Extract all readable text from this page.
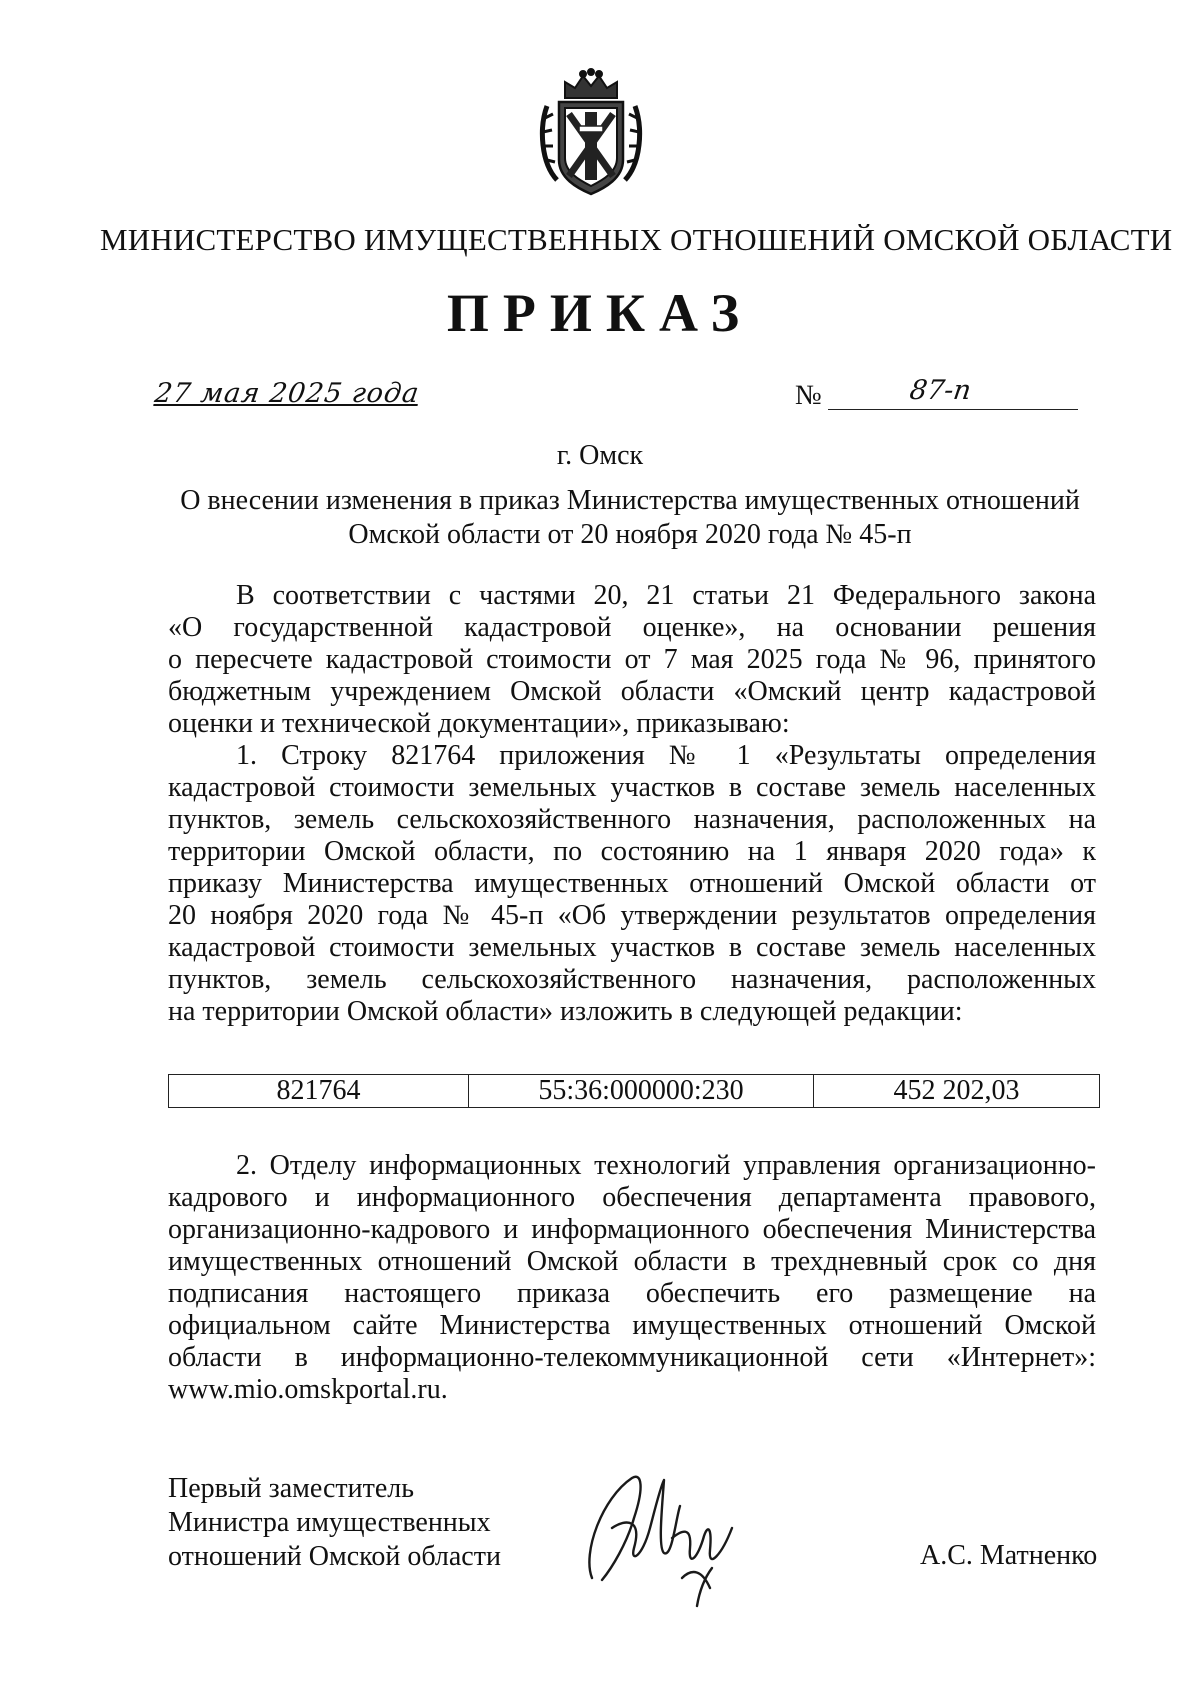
МИНИСТЕРСТВО ИМУЩЕСТВЕННЫХ ОТНОШЕНИЙ ОМСКОЙ ОБЛАСТИ
ПРИКАЗ
27 мая 2025 года	№	87-п
г. Омск
О внесении изменения в приказ Министерства имущественных отношений
Омской области от 20 ноября 2020 года № 45-п
В соответствии с частями 20, 21 статьи 21 Федерального закона
«О государственной кадастровой оценке», на основании решения
о пересчете кадастровой стоимости от 7 мая 2025 года № 96, принятого
бюджетным учреждением Омской области «Омский центр кадастровой
оценки и технической документации», приказываю:
1. Строку 821764 приложения № 1 «Результаты определения
кадастровой стоимости земельных участков в составе земель населенных
пунктов, земель сельскохозяйственного назначения, расположенных на
территории Омской области, по состоянию на 1 января 2020 года» к
приказу Министерства имущественных отношений Омской области от
20 ноября 2020 года № 45-п «Об утверждении результатов определения
кадастровой стоимости земельных участков в составе земель населенных
пунктов, земель сельскохозяйственного назначения, расположенных
на территории Омской области» изложить в следующей редакции:
821764	55:36:000000:230	452 202,03
2. Отделу информационных технологий управления организационно-
кадрового и информационного обеспечения департамента правового,
организационно-кадрового и информационного обеспечения Министерства
имущественных отношений Омской области в трехдневный срок со дня
подписания настоящего приказа обеспечить его размещение на
официальном сайте Министерства имущественных отношений Омской
области в информационно-телекоммуникационной сети «Интернет»:
www.mio.omskportal.ru.
Первый заместитель
Министра имущественных
отношений Омской области	А.С. Матненко
